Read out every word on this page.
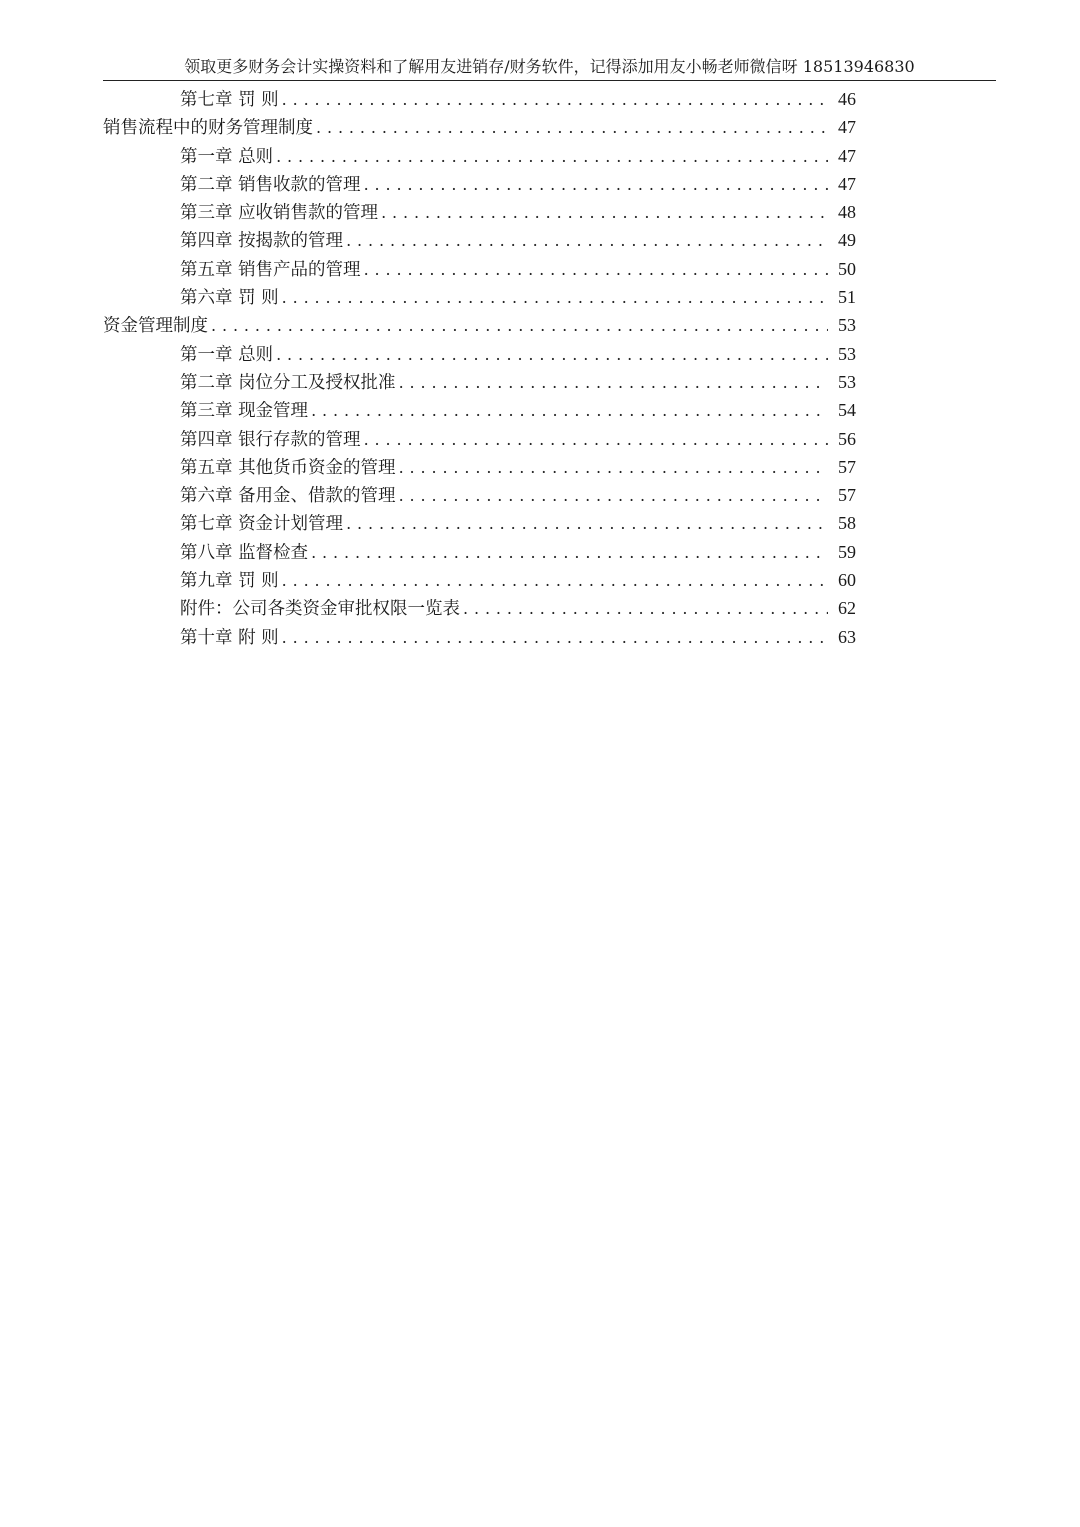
领取更多财务会计实操资料和了解用友进销存/财务软件，记得添加用友小畅老师微信呀 18513946830
第七章 罚 则 . . .	46
销售流程中的财务管理制度 . . .	47
第一章 总则 . . .	47
第二章 销售收款的管理 . . .	47
第三章 应收销售款的管理 . . .	48
第四章 按揭款的管理 . . .	49
第五章 销售产品的管理 . . .	50
第六章 罚 则 . . .	51
资金管理制度 . . .	53
第一章 总则 . . .	53
第二章 岗位分工及授权批准 . . .	53
第三章 现金管理 . . .	54
第四章 银行存款的管理 . . .	56
第五章 其他货币资金的管理 . . .	57
第六章 备用金、借款的管理 . . .	57
第七章 资金计划管理 . . .	58
第八章 监督检查 . . .	59
第九章 罚 则 . . .	60
附件：公司各类资金审批权限一览表 . . .	62
第十章 附 则 . . .	63
